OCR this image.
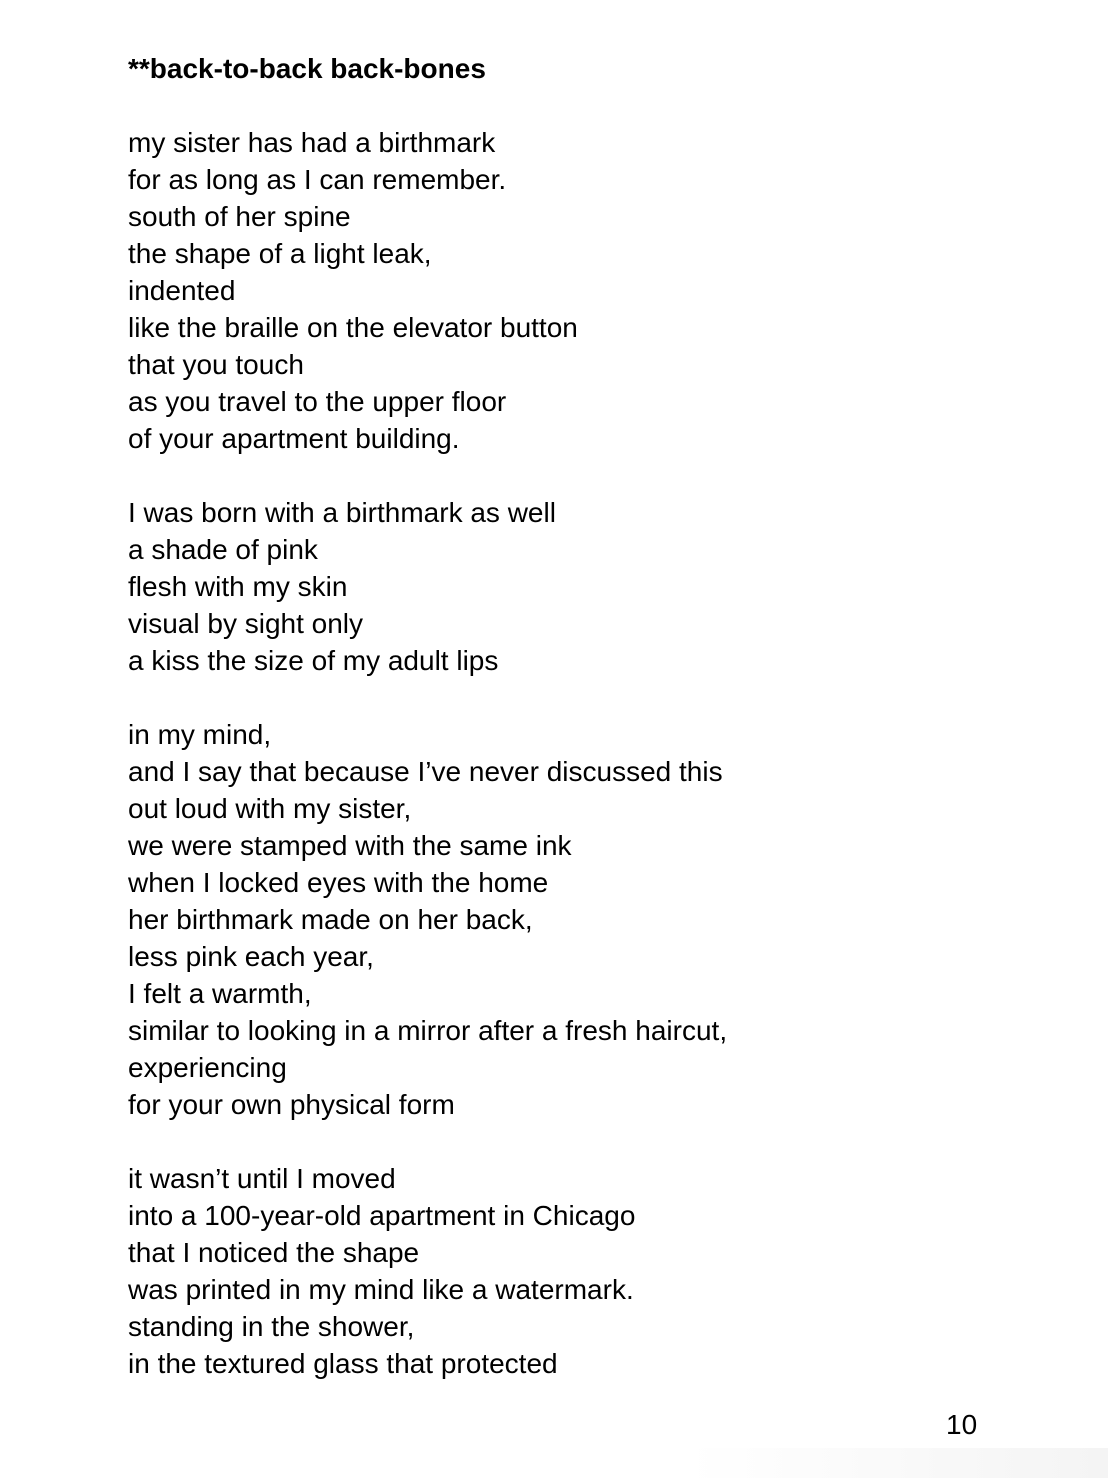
**back-to-back back-bones
my sister has had a birthmark
for as long as I can remember.
south of her spine
the shape of a light leak,
indented
like the braille on the elevator button
that you touch
as you travel to the upper floor
of your apartment building.
I was born with a birthmark as well
a shade of pink
flesh with my skin
visual by sight only
a kiss the size of my adult lips
in my mind,
and I say that because I’ve never discussed this
out loud with my sister,
we were stamped with the same ink
when I locked eyes with the home
her birthmark made on her back,
less pink each year,
I felt a warmth,
similar to looking in a mirror after a fresh haircut,
experiencing
for your own physical form
it wasn’t until I moved
into a 100-year-old apartment in Chicago
that I noticed the shape
was printed in my mind like a watermark.
standing in the shower,
in the textured glass that protected
10
